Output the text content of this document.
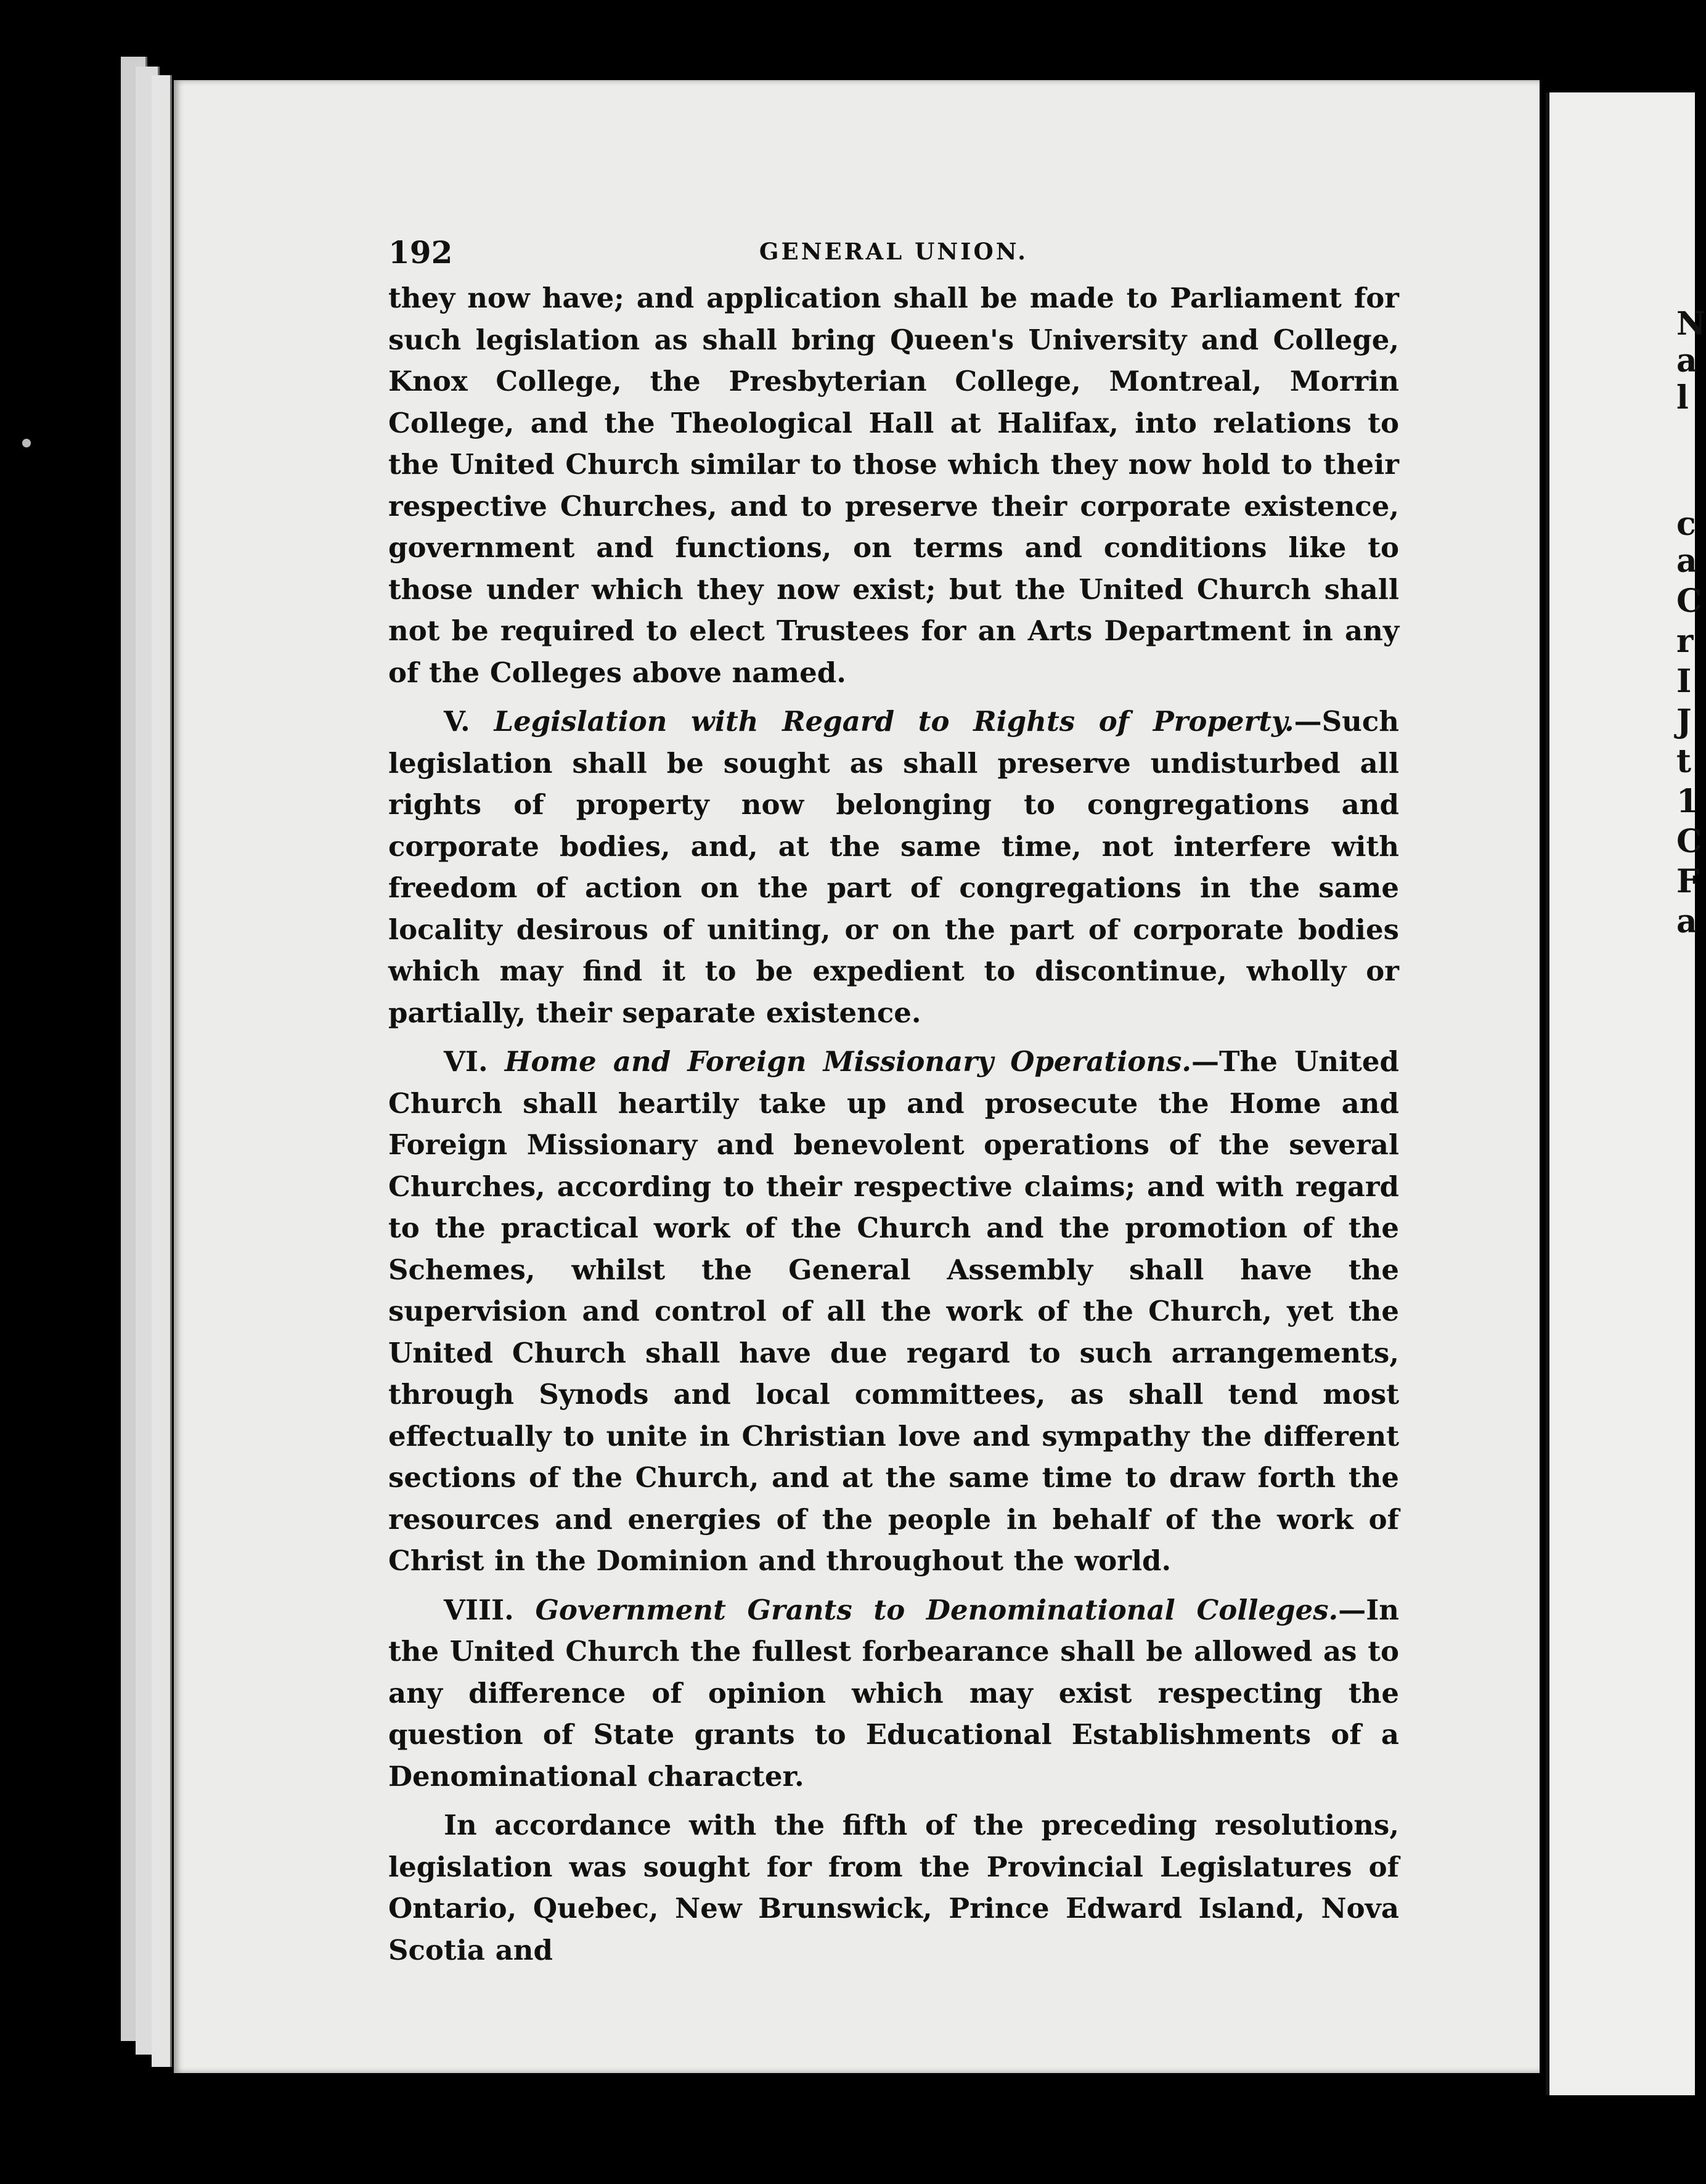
N
a
l
c
a
C
r
I
J
t
1
C
F
a
192	GENERAL UNION.

they now have; and application shall be made to Parliament for such legislation as shall bring Queen's University and College, Knox College, the Presbyterian College, Montreal, Morrin College, and the Theological Hall at Halifax, into relations to the United Church similar to those which they now hold to their respective Churches, and to preserve their corporate existence, government and functions, on terms and conditions like to those under which they now exist; but the United Church shall not be required to elect Trustees for an Arts Department in any of the Colleges above named.

V. Legislation with Regard to Rights of Property.—Such legislation shall be sought as shall preserve undisturbed all rights of property now belonging to congregations and corporate bodies, and, at the same time, not interfere with freedom of action on the part of congregations in the same locality desirous of uniting, or on the part of corporate bodies which may find it to be expedient to discontinue, wholly or partially, their separate existence.

VI. Home and Foreign Missionary Operations.—The United Church shall heartily take up and prosecute the Home and Foreign Missionary and benevolent operations of the several Churches, according to their respective claims; and with regard to the practical work of the Church and the promotion of the Schemes, whilst the General Assembly shall have the supervision and control of all the work of the Church, yet the United Church shall have due regard to such arrangements, through Synods and local committees, as shall tend most effectually to unite in Christian love and sympathy the different sections of the Church, and at the same time to draw forth the resources and energies of the people in behalf of the work of Christ in the Dominion and throughout the world.

VIII. Government Grants to Denominational Colleges.—In the United Church the fullest forbearance shall be allowed as to any difference of opinion which may exist respecting the question of State grants to Educational Establishments of a Denominational character.

In accordance with the fifth of the preceding resolutions, legislation was sought for from the Provincial Legislatures of Ontario, Quebec, New Brunswick, Prince Edward Island, Nova Scotia and
